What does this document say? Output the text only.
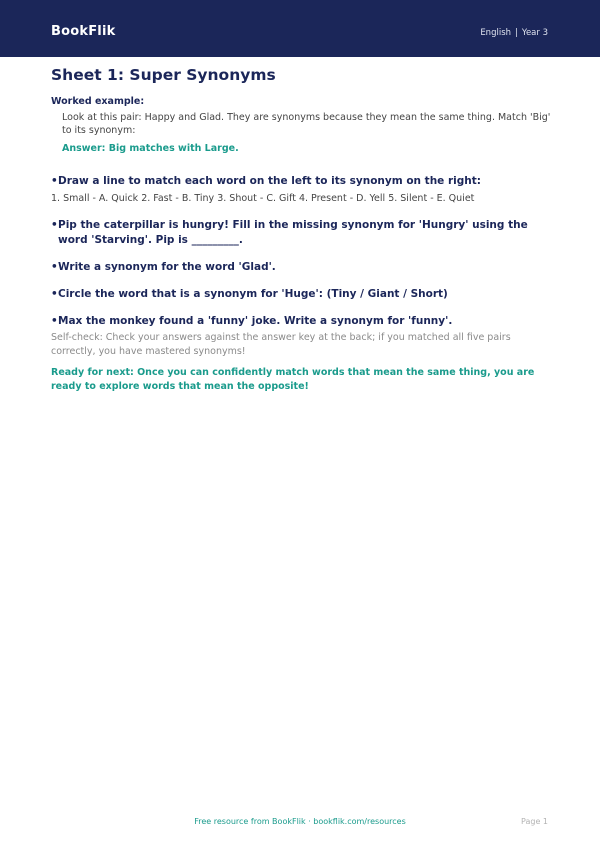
BookFlik	English | Year 3
Sheet 1: Super Synonyms
Worked example:
Look at this pair: Happy and Glad. They are synonyms because they mean the same thing. Match 'Big' to its synonym:
Answer: Big matches with Large.
• Draw a line to match each word on the left to its synonym on the right:
1. Small - A. Quick 2. Fast - B. Tiny 3. Shout - C. Gift 4. Present - D. Yell 5. Silent - E. Quiet
• Pip the caterpillar is hungry! Fill in the missing synonym for 'Hungry' using the word 'Starving'. Pip is _________.
• Write a synonym for the word 'Glad'.
• Circle the word that is a synonym for 'Huge': (Tiny / Giant / Short)
• Max the monkey found a 'funny' joke. Write a synonym for 'funny'.
Self-check: Check your answers against the answer key at the back; if you matched all five pairs correctly, you have mastered synonyms!
Ready for next: Once you can confidently match words that mean the same thing, you are ready to explore words that mean the opposite!
Free resource from BookFlik · bookflik.com/resources	Page 1
